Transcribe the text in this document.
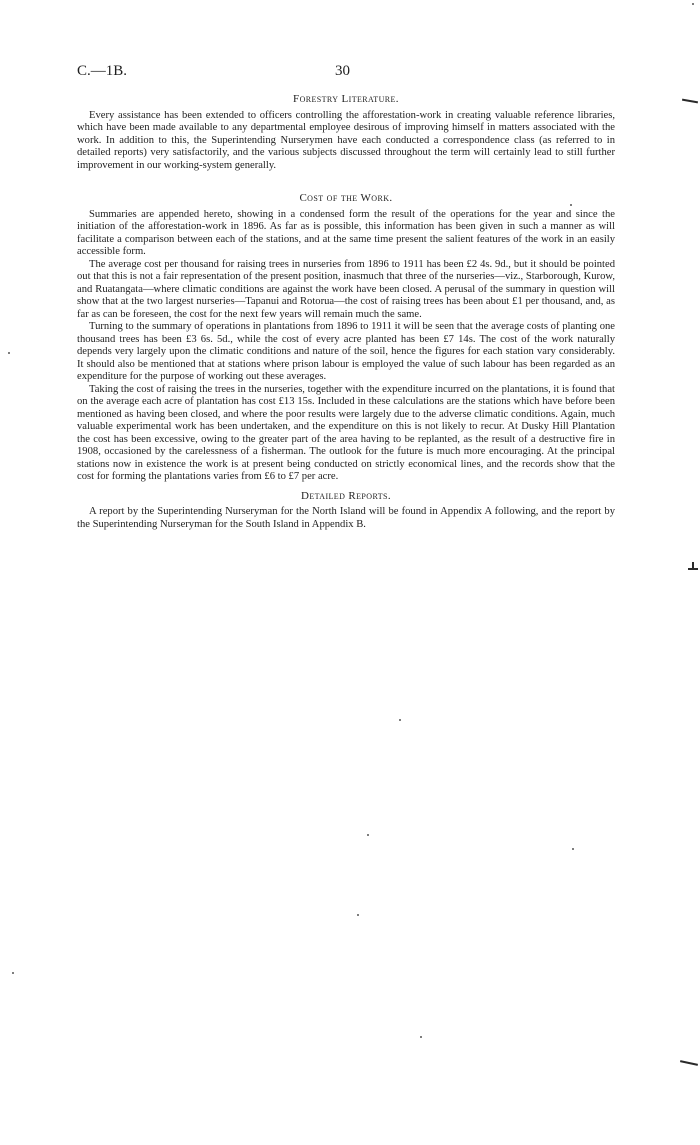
C.—1B.	30
Forestry Literature.

Every assistance has been extended to officers controlling the afforestation-work in creating valuable reference libraries, which have been made available to any departmental employee desirous of improving himself in matters associated with the work. In addition to this, the Superintending Nurserymen have each conducted a correspondence class (as referred to in detailed reports) very satisfactorily, and the various subjects discussed throughout the term will certainly lead to still further improvement in our working-system generally.

Cost of the Work.

Summaries are appended hereto, showing in a condensed form the result of the operations for the year and since the initiation of the afforestation-work in 1896. As far as is possible, this information has been given in such a manner as will facilitate a comparison between each of the stations, and at the same time present the salient features of the work in an easily accessible form.

The average cost per thousand for raising trees in nurseries from 1896 to 1911 has been £2 4s. 9d., but it should be pointed out that this is not a fair representation of the present position, inasmuch that three of the nurseries—viz., Starborough, Kurow, and Ruatangata—where climatic conditions are against the work have been closed. A perusal of the summary in question will show that at the two largest nurseries—Tapanui and Rotorua—the cost of raising trees has been about £1 per thousand, and, as far as can be foreseen, the cost for the next few years will remain much the same.

Turning to the summary of operations in plantations from 1896 to 1911 it will be seen that the average costs of planting one thousand trees has been £3 6s. 5d., while the cost of every acre planted has been £7 14s. The cost of the work naturally depends very largely upon the climatic conditions and nature of the soil, hence the figures for each station vary considerably. It should also be mentioned that at stations where prison labour is employed the value of such labour has been regarded as an expenditure for the purpose of working out these averages.

Taking the cost of raising the trees in the nurseries, together with the expenditure incurred on the plantations, it is found that on the average each acre of plantation has cost £13 15s. Included in these calculations are the stations which have before been mentioned as having been closed, and where the poor results were largely due to the adverse climatic conditions. Again, much valuable experimental work has been undertaken, and the expenditure on this is not likely to recur. At Dusky Hill Plantation the cost has been excessive, owing to the greater part of the area having to be replanted, as the result of a destructive fire in 1908, occasioned by the carelessness of a fisherman. The outlook for the future is much more encouraging. At the principal stations now in existence the work is at present being conducted on strictly economical lines, and the records show that the cost for forming the plantations varies from £6 to £7 per acre.

Detailed Reports.

A report by the Superintending Nurseryman for the North Island will be found in Appendix A following, and the report by the Superintending Nurseryman for the South Island in Appendix B.
